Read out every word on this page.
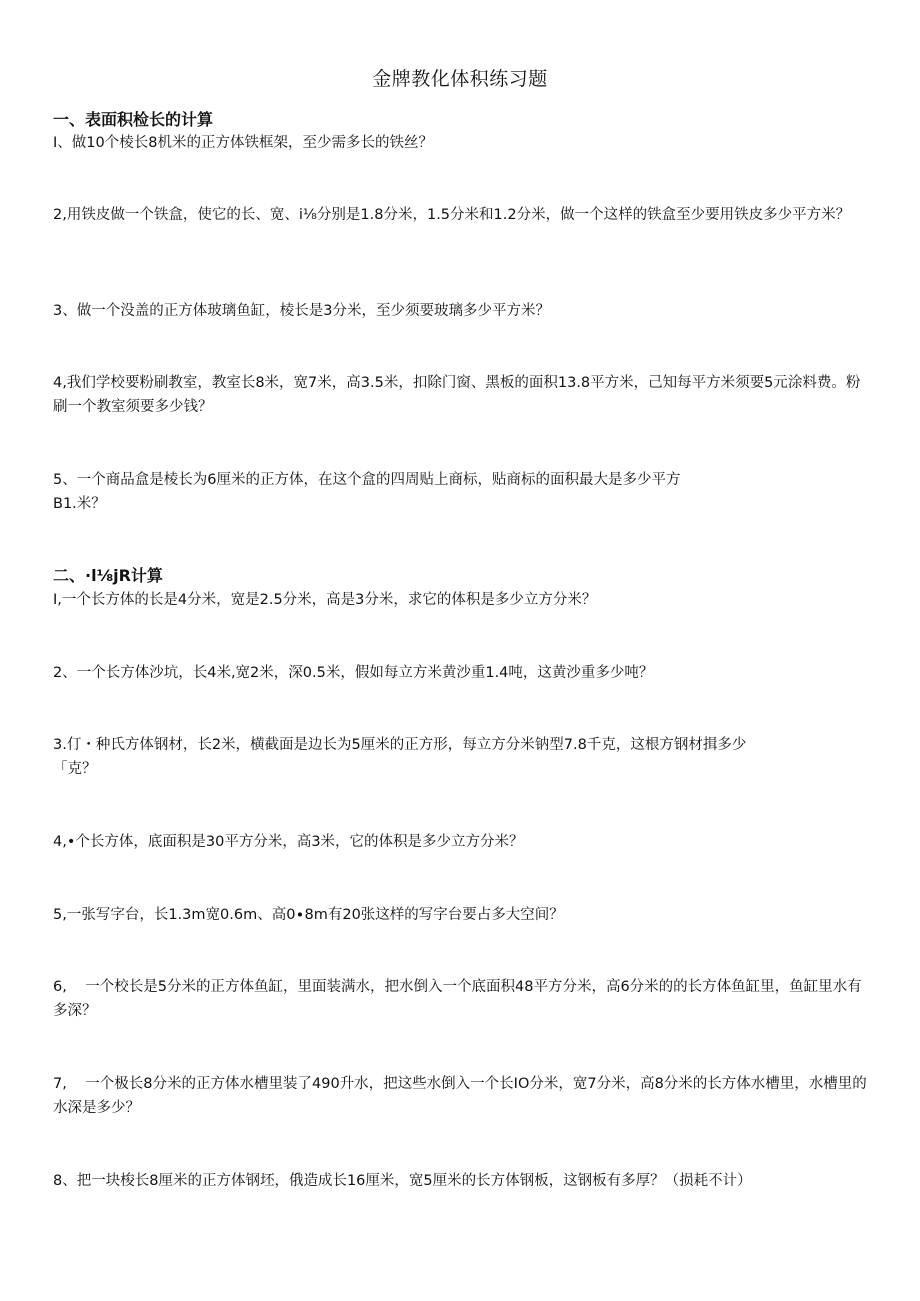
金牌教化体积练习题
一、表面积检长的计算
I、做10个棱长8机米的正方体铁框架，至少需多长的铁丝？
2,用铁皮做一个铁盒，使它的长、宽、i⅛分别是1.8分米，1.5分米和1.2分米，做一个这样的铁盒至少要用铁皮多少平方米？
3、做一个没盖的正方体玻璃鱼缸，棱长是3分米，至少须要玻璃多少平方米？
4,我们学校要粉刷教室，教室长8米，宽7米，高3.5米，扣除门窗、黑板的面积13.8平方米，己知每平方米须要5元涂料费。粉刷一个教室须要多少钱？
5、一个商品盒是棱长为6厘米的正方体，在这个盒的四周贴上商标，贴商标的面积最大是多少平方
B1.米？
二、∙l⅛jR计算
I,一个长方体的长是4分米，宽是2.5分米，高是3分米，求它的体积是多少立方分米？
2、一个长方体沙坑，长4米,宽2米，深0.5米，假如每立方米黄沙重1.4吨，这黄沙重多少吨？
3.仃・种氏方体钢材，长2米，横截面是边长为5厘米的正方形，每立方分米钠型7.8千克，这根方钢材揖多少
「克？
4,•个长方体，底面积是30平方分米，高3米，它的体积是多少立方分米？
5,一张写字台，长1.3m宽0.6m、高0∙8m有20张这样的写字台要占多大空间？
6,    一个校长是5分米的正方体鱼缸，里面装满水，把水倒入一个底面积48平方分米，高6分米的的长方体鱼缸里，鱼缸里水有多深？
7,    一个极长8分米的正方体水槽里装了490升水，把这些水倒入一个长IO分米，宽7分米，高8分米的长方体水槽里，水槽里的水深是多少？
8、把一块梭长8厘米的正方体钢坯，俄造成长16厘米，宽5厘米的长方体钢板，这钢板有多厚？（损耗不计）
